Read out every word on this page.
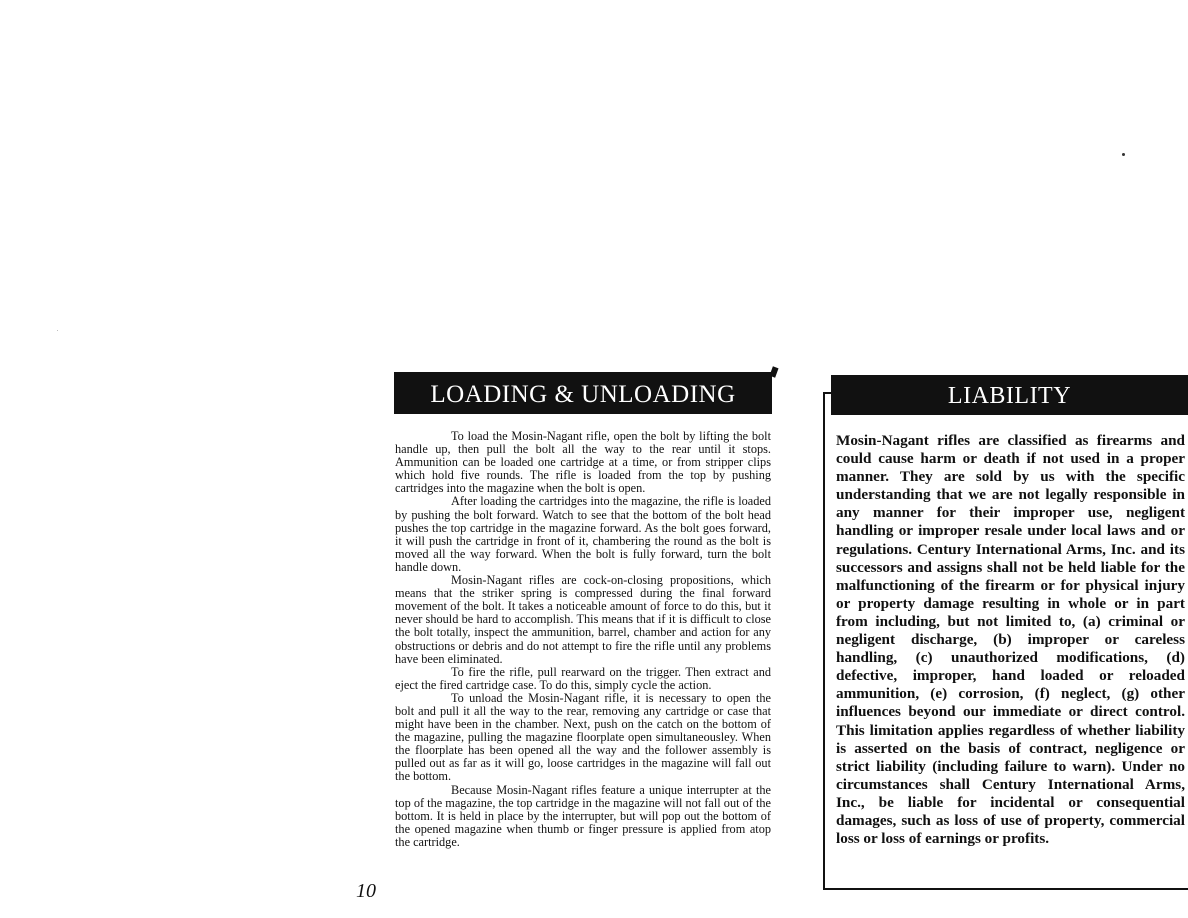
LOADING & UNLOADING

To load the Mosin-Nagant rifle, open the bolt by lifting the bolt handle up, then pull the bolt all the way to the rear until it stops. Ammunition can be loaded one cartridge at a time, or from stripper clips which hold five rounds. The rifle is loaded from the top by pushing cartridges into the magazine when the bolt is open.

After loading the cartridges into the magazine, the rifle is loaded by pushing the bolt forward. Watch to see that the bottom of the bolt head pushes the top cartridge in the magazine forward. As the bolt goes forward, it will push the cartridge in front of it, chambering the round as the bolt is moved all the way forward. When the bolt is fully forward, turn the bolt handle down.

Mosin-Nagant rifles are cock-on-closing propositions, which means that the striker spring is compressed during the final forward movement of the bolt. It takes a noticeable amount of force to do this, but it never should be hard to accomplish. This means that if it is difficult to close the bolt totally, inspect the ammunition, barrel, chamber and action for any obstructions or debris and do not attempt to fire the rifle until any problems have been eliminated.

To fire the rifle, pull rearward on the trigger. Then extract and eject the fired cartridge case. To do this, simply cycle the action.

To unload the Mosin-Nagant rifle, it is necessary to open the bolt and pull it all the way to the rear, removing any cartridge or case that might have been in the chamber. Next, push on the catch on the bottom of the magazine, pulling the magazine floorplate open simultaneousley. When the floorplate has been opened all the way and the follower assembly is pulled out as far as it will go, loose cartridges in the magazine will fall out the bottom.

Because Mosin-Nagant rifles feature a unique interrupter at the top of the magazine, the top cartridge in the magazine will not fall out of the bottom. It is held in place by the interrupter, but will pop out the bottom of the opened magazine when thumb or finger pressure is applied from atop the cartridge.

LIABILITY
Mosin-Nagant rifles are classified as firearms and could cause harm or death if not used in a proper manner. They are sold by us with the specific understanding that we are not legally responsible in any manner for their improper use, negligent handling or improper resale under local laws and or regulations. Century International Arms, Inc. and its successors and assigns shall not be held liable for the malfunctioning of the firearm or for physical injury or property damage resulting in whole or in part from including, but not limited to, (a) criminal or negligent discharge, (b) improper or careless handling, (c) unauthorized modifications, (d) defective, improper, hand loaded or reloaded ammunition, (e) corrosion, (f) neglect, (g) other influences beyond our immediate or direct control. This limitation applies regardless of whether liability is asserted on the basis of contract, negligence or strict liability (including failure to warn). Under no circumstances shall Century International Arms, Inc., be liable for incidental or consequential damages, such as loss of use of property, commercial loss or loss of earnings or profits.
10
